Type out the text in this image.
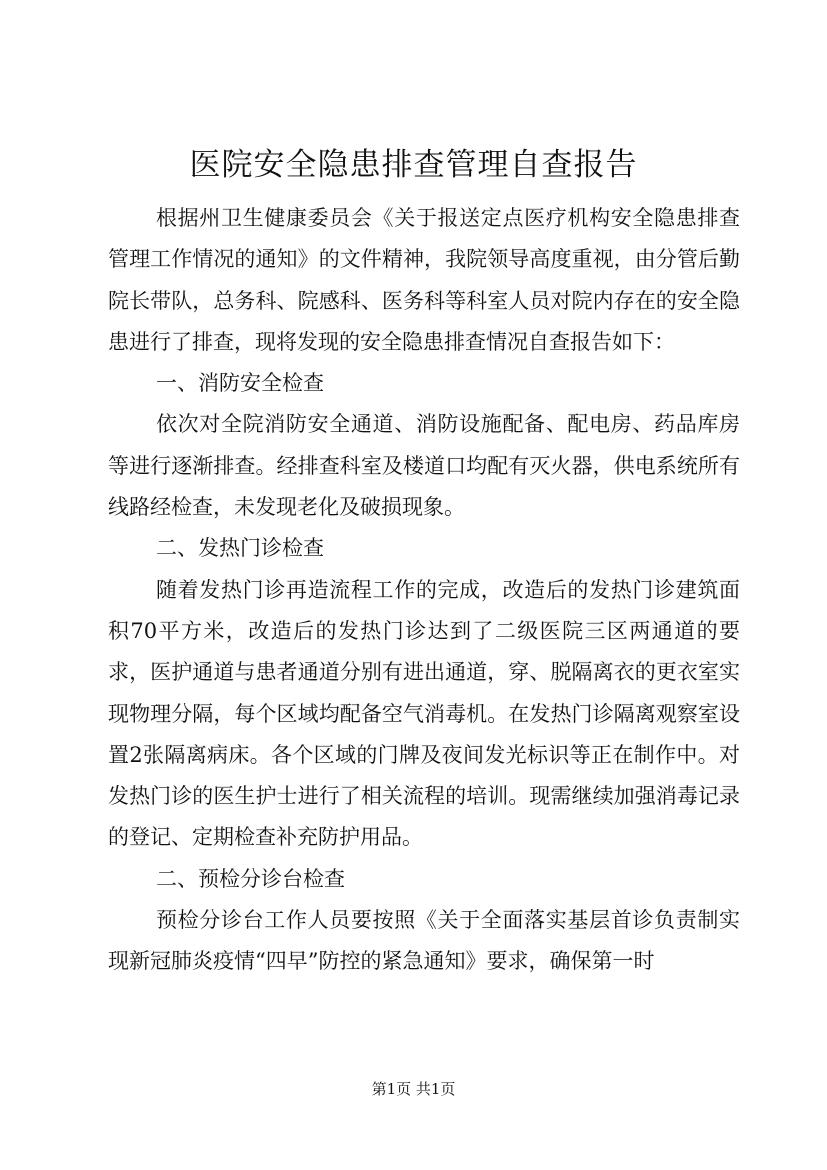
医院安全隐患排查管理自查报告

根据州卫生健康委员会《关于报送定点医疗机构安全隐患排查管理工作情况的通知》的文件精神，我院领导高度重视，由分管后勤院长带队，总务科、院感科、医务科等科室人员对院内存在的安全隐患进行了排查，现将发现的安全隐患排查情况自查报告如下：

一、消防安全检查

依次对全院消防安全通道、消防设施配备、配电房、药品库房等进行逐渐排查。经排查科室及楼道口均配有灭火器，供电系统所有线路经检查，未发现老化及破损现象。

二、发热门诊检查

随着发热门诊再造流程工作的完成，改造后的发热门诊建筑面积70平方米，改造后的发热门诊达到了二级医院三区两通道的要求，医护通道与患者通道分别有进出通道，穿、脱隔离衣的更衣室实现物理分隔，每个区域均配备空气消毒机。在发热门诊隔离观察室设置2张隔离病床。各个区域的门牌及夜间发光标识等正在制作中。对发热门诊的医生护士进行了相关流程的培训。现需继续加强消毒记录的登记、定期检查补充防护用品。

二、预检分诊台检查

预检分诊台工作人员要按照《关于全面落实基层首诊负责制实现新冠肺炎疫情“四早”防控的紧急通知》要求，确保第一时

第1页 共1页
